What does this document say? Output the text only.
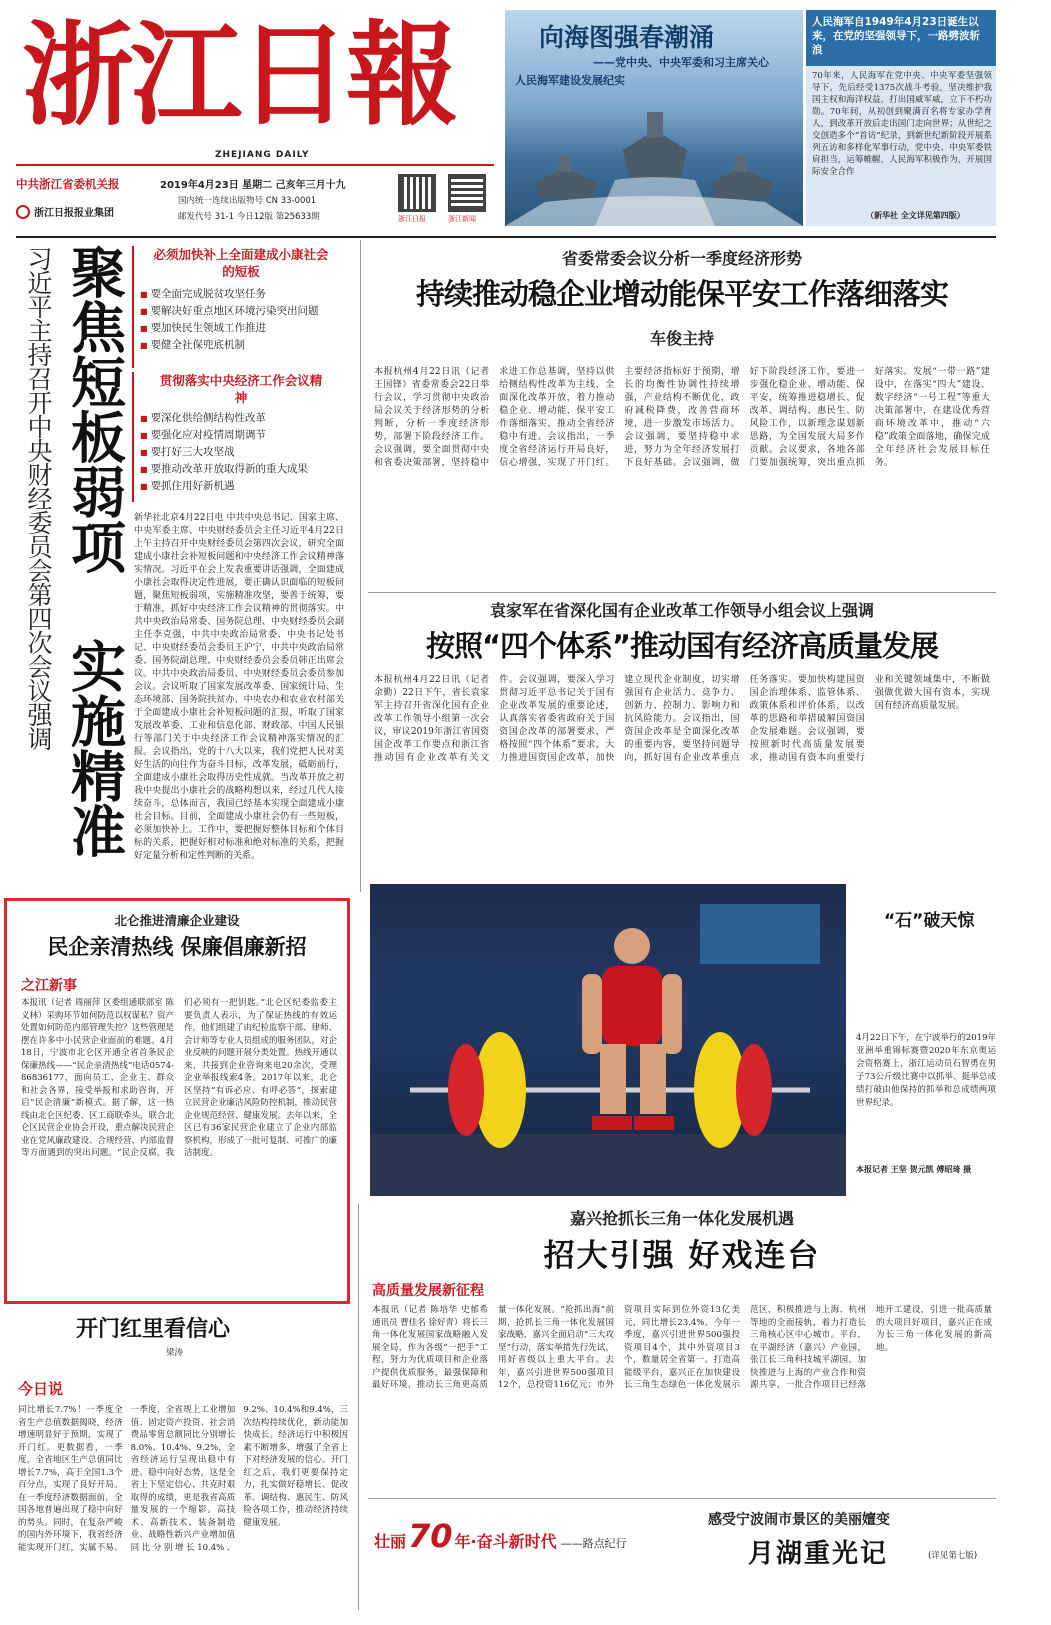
浙江日報
ZHEJIANG DAILY
中共浙江省委机关报
浙江日报报业集团
2019年4月23日 星期二 己亥年三月十九
国内统一连续出版物号 CN 33-0001
邮发代号 31-1 今日12版 第25633期	浙江日报	浙江新闻
向海图强春潮涌
——党中央、中央军委和习主席关心
人民海军建设发展纪实
人民海军自1949年4月23日诞生以来，在党的坚强领导下，一路劈波斩浪
70年来，人民海军在党中央、中央军委坚强领导下，先后经受1375次战斗考验，坚决维护我国主权和海洋权益，打出国威军威，立下不朽功勋。70年间，从初创到聚满百名将专家办学育人，到改革开放后走出国门走向世界；从世纪之交创造多个“首访”纪录，到新世纪新阶段开展系列五访和多样化军事行动，党中央、中央军委铁肩担当，运筹帷幄，人民海军积极作为，开展国际安全合作
（新华社 全文详见第四版）
习近平主持召开中央财经委员会第四次会议强调 聚焦短板弱项 实施精准
必须加快补上全面建成小康社会的短板
■ 要全面完成脱贫攻坚任务
■ 要解决好重点地区环境污染突出问题
■ 要加快民生领域工作推进
■ 要健全社保兜底机制
贯彻落实中央经济工作会议精神
■ 要深化供给侧结构性改革
■ 要强化应对疫情周期调节
■ 要打好三大攻坚战
■ 要推动改革开放取得新的重大成果
■ 要抓住用好新机遇
新华社北京4月22日电 中共中央总书记、国家主席、中央军委主席、中央财经委员会主任习近平4月22日上午主持召开中央财经委员会第四次会议，研究全面建成小康社会补短板问题和中央经济工作会议精神落实情况。习近平在会上发表重要讲话强调，全面建成小康社会取得决定性进展，要正确认识面临的短板问题，聚焦短板弱项，实施精准攻坚，要善于统筹，要于精准，抓好中央经济工作会议精神的贯彻落实。中共中央政治局常委、国务院总理、中央财经委员会副主任李克强，中共中央政治局常委、中央书记处书记、中央财经委员会委员王沪宁，中共中央政治局常委、国务院副总理、中央财经委员会委员韩正出席会议。中共中央政治局委员、中央财经委员会委员参加会议。会议听取了国家发展改革委、国家统计局、生态环境部、国务院扶贫办、中央农办和农业农村部关于全面建成小康社会补短板问题的汇报，听取了国家发展改革委、工业和信息化部、财政部、中国人民银行等部门关于中央经济工作会议精神落实情况的汇报。会议指出，党的十八大以来，我们党把人民对美好生活的向往作为奋斗目标，改革发展，砥砺前行，全面建成小康社会取得历史性成就。当改革开放之初我中央提出小康社会的战略构想以来，经过几代人接续奋斗，总体而言，我国已经基本实现全面建成小康社会目标。目前，全面建成小康社会仍有一些短板，必须加快补上。工作中，要把握好整体目标和个体目标的关系，把握好相对标准和绝对标准的关系，把握好定量分析和定性判断的关系。
省委常委会议分析一季度经济形势
持续推动稳企业增动能保平安工作落细落实
车俊主持
本报杭州4月22日讯（记者 王国锋）省委常委会22日举行会议，学习贯彻中央政治局会议关于经济形势的分析判断，分析一季度经济形势，部署下阶段经济工作。会议强调，要全面贯彻中央和省委决策部署，坚持稳中求进工作总基调，坚持以供给侧结构性改革为主线，全面深化改革开放，着力推动稳企业、增动能、保平安工作落细落实，推动全省经济稳中有进。会议指出，一季度全省经济运行开局良好，信心增强，实现了开门红。主要经济指标好于预期，增长的均衡性协调性持续增强，产业结构不断优化，政府减税降费，改善营商环境，进一步激发市场活力。会议强调，要坚持稳中求进，努力为全年经济发展打下良好基础。会议强调，做好下阶段经济工作，要进一步强化稳企业、增动能、保平安，统筹推进稳增长、促改革、调结构、惠民生、防风险工作，以新理念谋划新思路，为全国发展大局多作贡献。会议要求，各地各部门要加强统筹，突出重点抓好落实。发展“一带一路”建设中，在落实“四大”建设、数字经济“一号工程”等重大决策部署中，在建设优秀营商环境改革中，推动“六稳”政策全面落地，确保完成全年经济社会发展目标任务。
袁家军在省深化国有企业改革工作领导小组会议上强调
按照“四个体系”推动国有经济高质量发展
本报杭州4月22日讯（记者 余勤）22日下午，省长袁家军主持召开省深化国有企业改革工作领导小组第一次会议，审议2019年浙江省国资国企改革工作要点和浙江省推动国有企业改革有关文件。会议强调，要深入学习贯彻习近平总书记关于国有企业改革发展的重要论述，认真落实省委省政府关于国资国企改革的部署要求，严格按照“四个体系”要求，大力推进国资国企改革，加快建立现代企业制度，切实增强国有企业活力、竞争力、创新力、控制力、影响力和抗风险能力。会议指出，国资国企改革是全面深化改革的重要内容，要坚持问题导向，抓好国有企业改革重点任务落实。要加快构建国资国企治理体系、监管体系、政策体系和评价体系，以改革的思路和举措破解国资国企发展难题。会议强调，要按照新时代高质量发展要求，推动国有资本向重要行业和关键领域集中，不断做强做优做大国有资本，实现国有经济高质量发展。
“石”破天惊
4月22日下午，在宁波举行的2019年亚洲举重锦标赛暨2020年东京奥运会资格赛上，浙江运动员石智勇在男子73公斤级比赛中以抓举、挺举总成绩打破由他保持的抓举和总成绩两项世界纪录。
本报记者 王坚 贺元凯 傅昭琦 摄
北仑推进清廉企业建设
民企亲清热线 保廉倡廉新招
之江新事
本报讯（记者 周丽萍 区委组通联部室 陈 义林）采购环节如何防范以权谋私？资产处置如何防范内部管理失控？这些管理是摆在许多中小民营企业面前的难题。4月18日，宁波市北仑区开通全省首条民企保廉热线——“民企亲清热线”电话0574-86836177，面向员工、企业主、群众和社会各界，接受举报和求助咨询，开启“民企清廉”新模式。据了解，这一热线由北仑区纪委、区工商联牵头，联合北仑区民营企业协会开设，重点解决民营企业在党风廉政建设、合规经营、内部监督等方面遇到的突出问题。“民企反腐，我们必须有一把钥匙。”北仑区纪委监委主要负责人表示，为了保证热线的有效运作，他们组建了由纪检监察干部、律师、会计师等专业人员组成的服务团队，对企业反映的问题开展分类处置。热线开通以来，共接到企业咨询来电20余次，受理企业举报线索4条。2017年以来，北仑区坚持“有诉必应、有呼必答”，探索建立民营企业廉洁风险防控机制，推动民营企业规范经营、健康发展。去年以来，全区已有36家民营企业建立了企业内部监察机构，形成了一批可复制、可推广的廉洁制度。
开门红里看信心
梁涛
今日说
同比增长7.7%！一季度全省生产总值数据揭晓，经济增速明显好于预期，实现了开门红。更数据看，一季度，全省地区生产总值同比增长7.7%，高于全国1.3个百分点，实现了良好开局。在一季度经济数据面前，全国各地普遍出现了稳中向好的势头。同时，在复杂严峻的国内外环境下，我省经济能实现开门红，实属不易。一季度，全省规上工业增加值、固定资产投资、社会消费品零售总额同比分别增长8.0%、10.4%、9.2%，全省经济运行呈现出稳中有进、稳中向好态势，这是全省上下坚定信心、共克时艰取得的成绩，更是我省高质量发展的一个缩影。高技术、高新技术、装备制造业、战略性新兴产业增加值同比分别增长10.4%、9.2%、10.4%和9.4%，三次结构持续优化，新动能加快成长。经济运行中积极因素不断增多，增强了全省上下对经济发展的信心。开门红之后，我们更要保持定力，扎实做好稳增长、促改革、调结构、惠民生、防风险各项工作，推动经济持续健康发展。
嘉兴抢抓长三角一体化发展机遇
招大引强 好戏连台
高质量发展新征程
本报讯（记者 陈培华 史郁希 通讯员 曹佳名 徐好青）将长三角一体化发展国家战略融入发展全局，作为各级“一把手”工程，努力为优质项目和企业落户提供优质服务，最强保障和最好环境，推动长三角更高质量一体化发展。“抢抓出海”前期，抢抓长三角一体化发展国家战略，嘉兴全面启动“三大攻坚”行动，落实举措先行先试，用好省级以上重大平台。去年，嘉兴引进世界500强项目12个，总投资116亿元；市外资项目实际到位外资13亿美元，同比增长23.4%。今年一季度，嘉兴引进世界500强投资项目4个，其中外资项目3个，数量居全省第一。打造高能级平台，嘉兴正在加快建设长三角生态绿色一体化发展示范区，积极推进与上海、杭州等地的全面接轨，着力打造长三角核心区中心城市。平台，在平湖经济（嘉兴）产业园，张江长三角科技城平湖园，加快推进与上海的产业合作和资源共享，一批合作项目已经落地开工建设，引进一批高质量的大项目好项目，嘉兴正在成为长三角一体化发展的新高地。
壮丽 70 年·奋斗新时代 ——路点纪行
感受宁波闹市景区的美丽嬗变
月湖重光记	(详见第七版)
